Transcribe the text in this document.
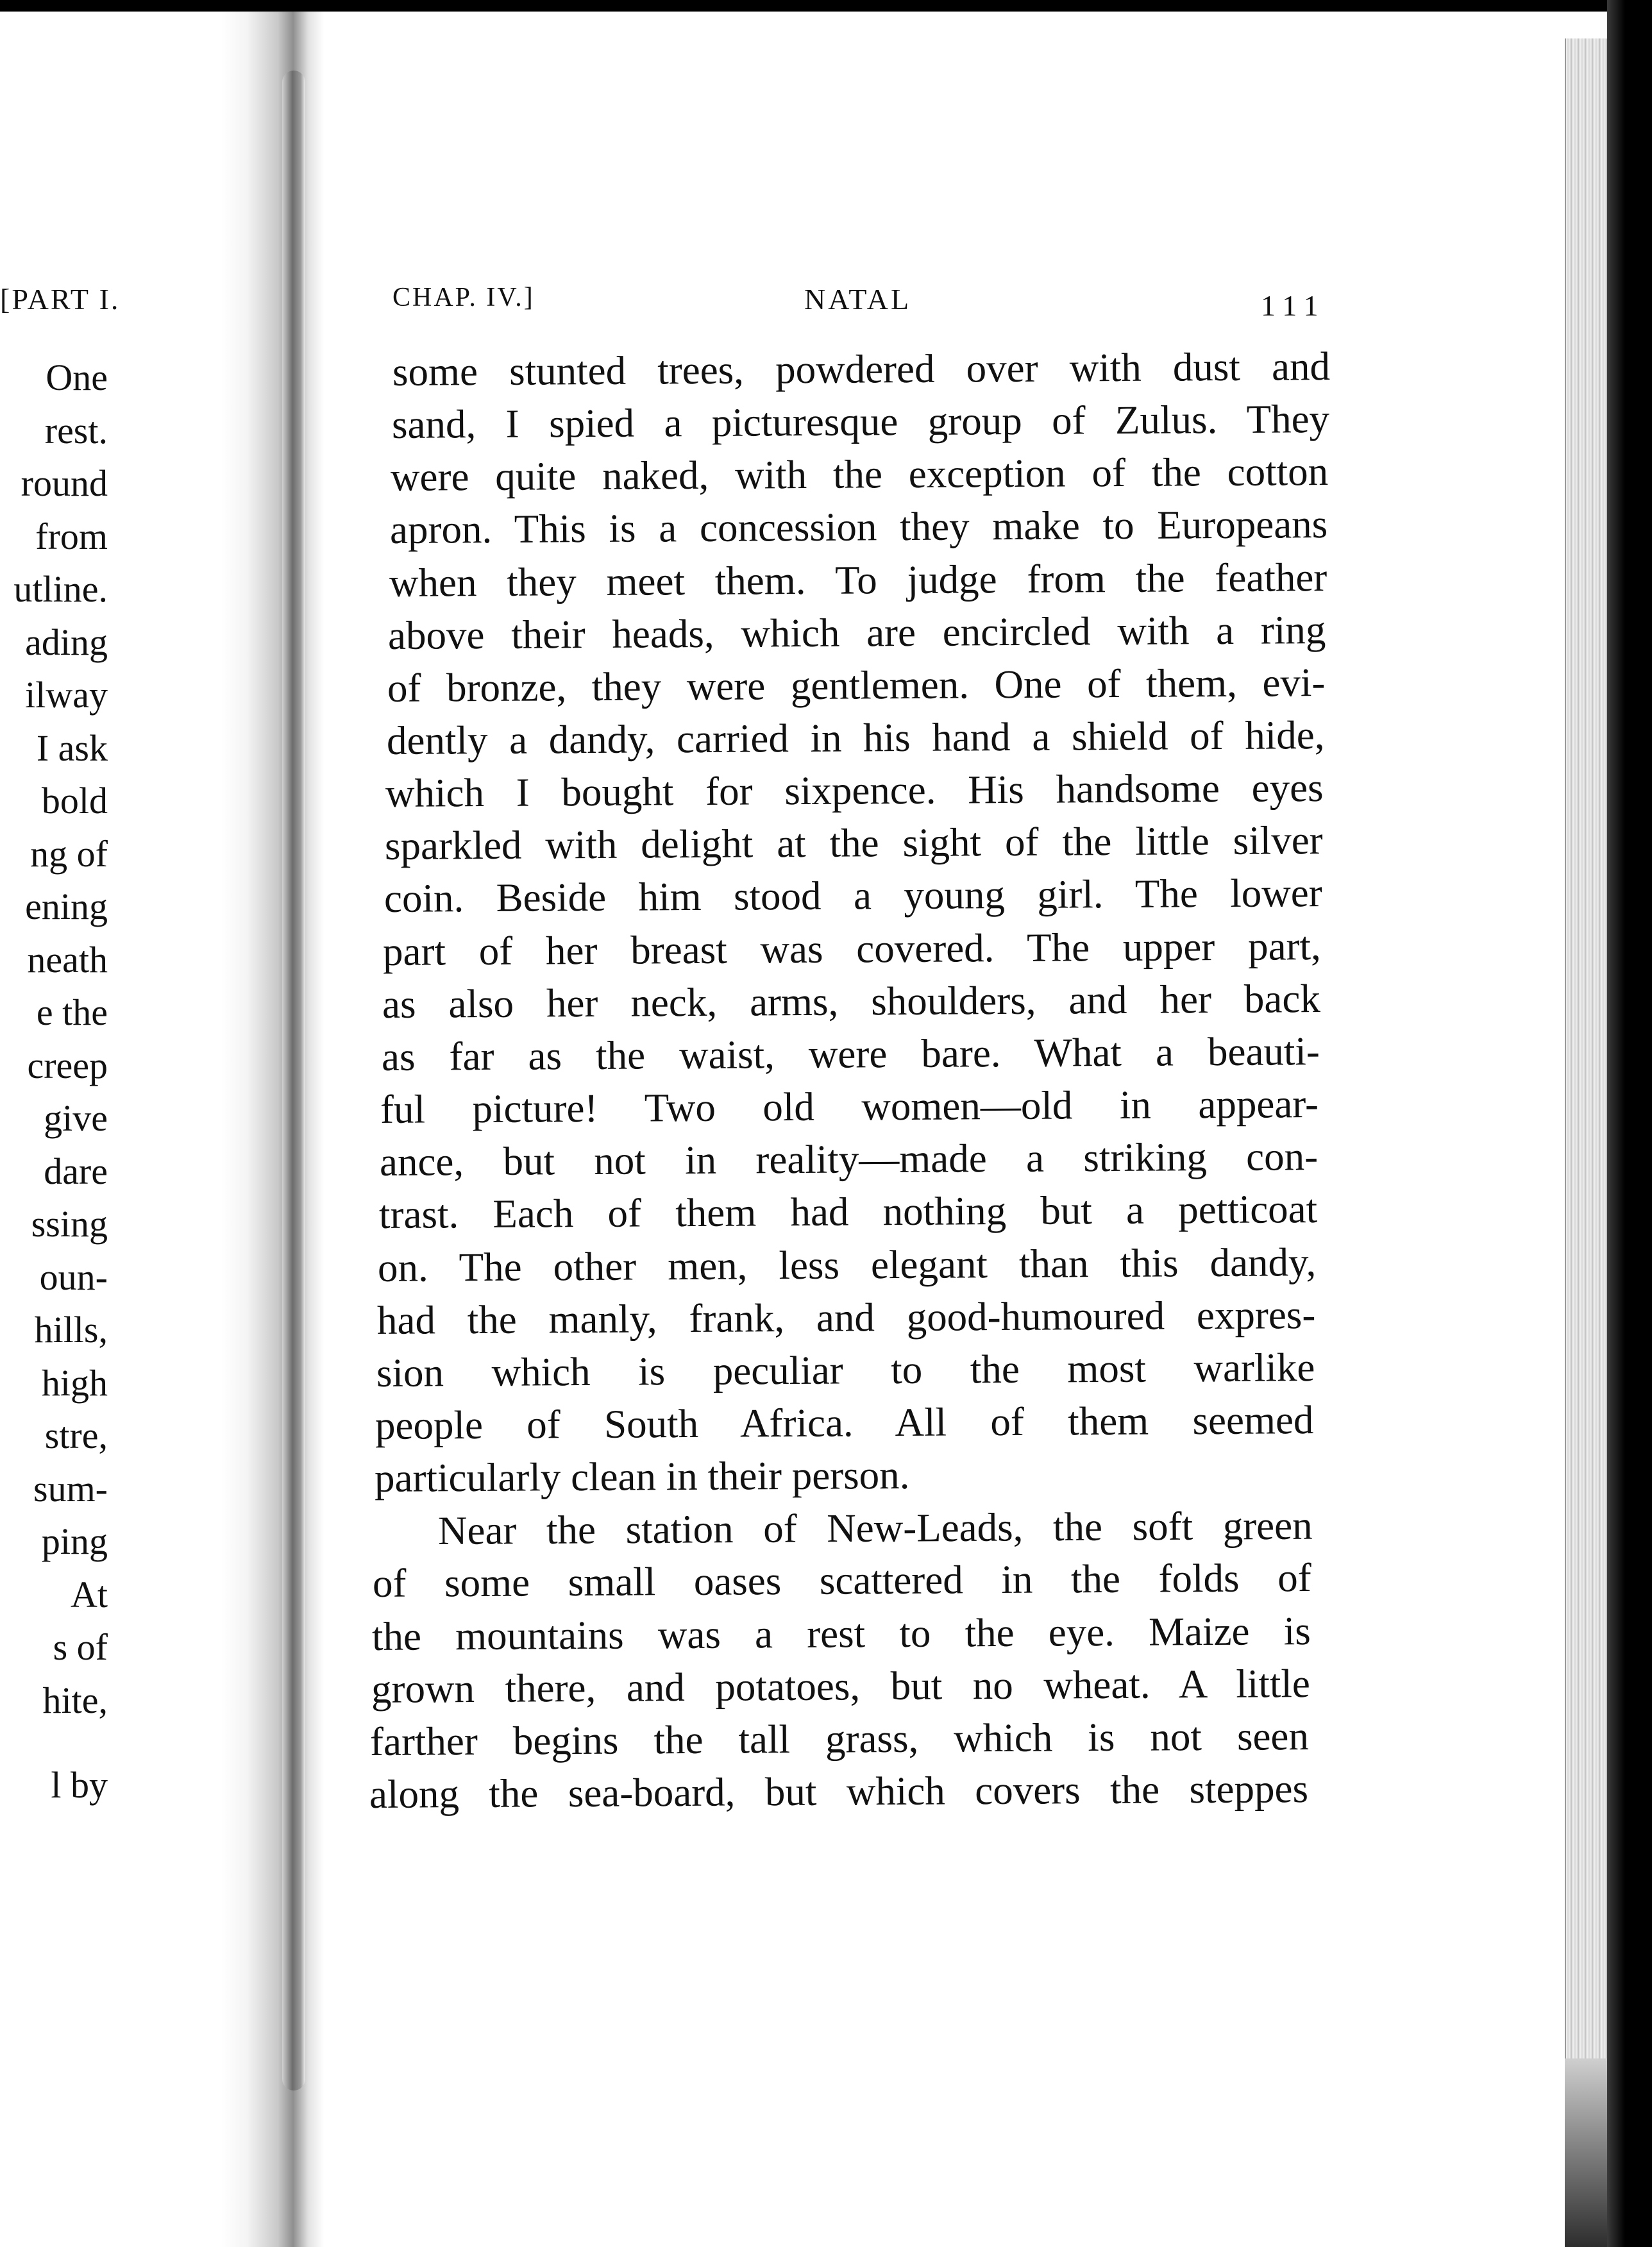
[PART I.	CHAP. IV.]	NATAL	111
One
rest.
round
from
utline.
ading
ilway
I ask
bold
ng of
ening
neath
e the
creep
give
dare
ssing
oun-
hills,
high
stre,
sum-
ping
At
s of
hite,
l by
some stunted trees, powdered over with dust and
sand, I spied a picturesque group of Zulus. They
were quite naked, with the exception of the cotton
apron. This is a concession they make to Europeans
when they meet them. To judge from the feather
above their heads, which are encircled with a ring
of bronze, they were gentlemen. One of them, evi-
dently a dandy, carried in his hand a shield of hide,
which I bought for sixpence. His handsome eyes
sparkled with delight at the sight of the little silver
coin. Beside him stood a young girl. The lower
part of her breast was covered. The upper part,
as also her neck, arms, shoulders, and her back
as far as the waist, were bare. What a beauti-
ful picture! Two old women—old in appear-
ance, but not in reality—made a striking con-
trast. Each of them had nothing but a petticoat
on. The other men, less elegant than this dandy,
had the manly, frank, and good-humoured expres-
sion which is peculiar to the most warlike
people of South Africa. All of them seemed
particularly clean in their person.
Near the station of New-Leads, the soft green
of some small oases scattered in the folds of
the mountains was a rest to the eye. Maize is
grown there, and potatoes, but no wheat. A little
farther begins the tall grass, which is not seen
along the sea-board, but which covers the steppes
